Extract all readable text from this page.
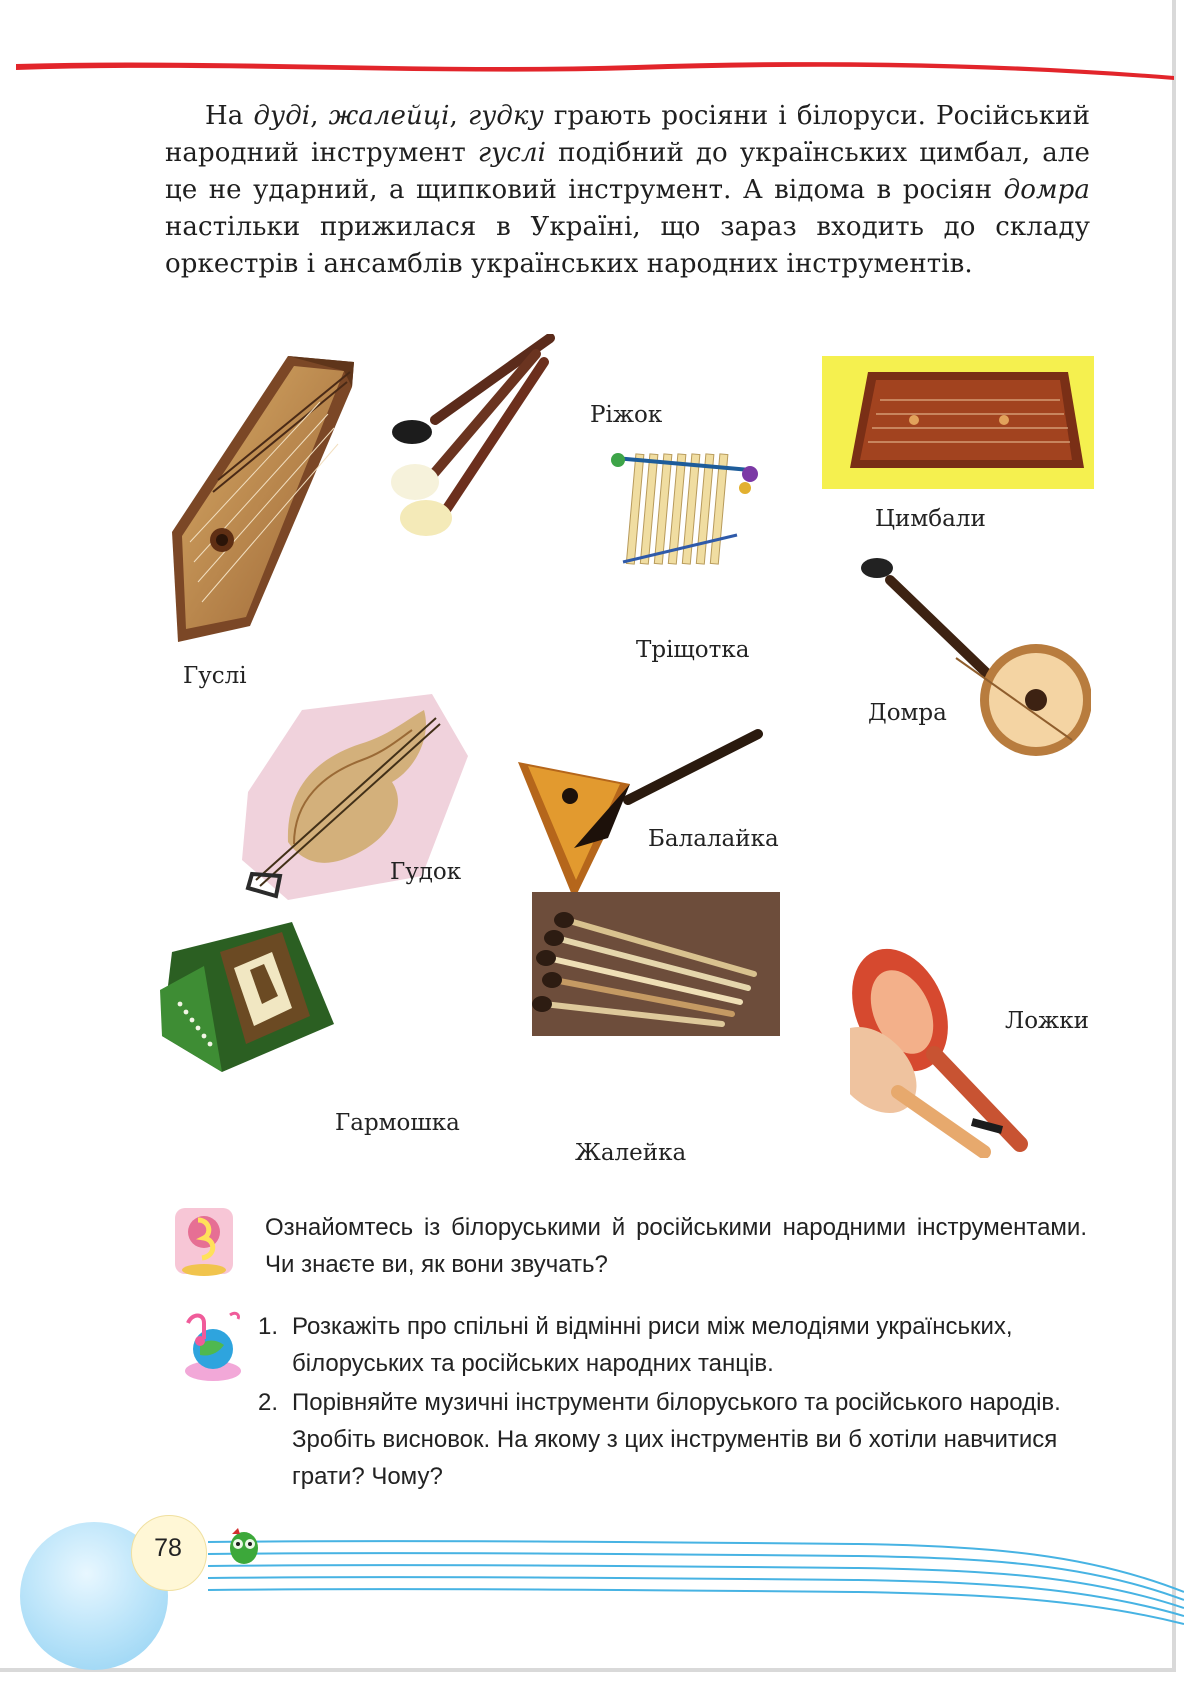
На дуді, жалейці, гудку грають росіяни і білоруси. Російський народний інструмент гуслі подібний до українських цимбал, але це не ударний, а щипковий інструмент. А відома в росіян домра настільки прижилася в Україні, що зараз входить до складу оркестрів і ансамблів українських народних інструментів.
Гуслі
Ріжок
Тріщотка
Цимбали
Домра
Гудок
Балалайка
Гармошка
Жалейка
Ложки
Ознайомтесь із білоруськими й російськими народними інструментами. Чи знаєте ви, як вони звучать?
1. Розкажіть про спільні й відмінні риси між мелодіями українських, білоруських та російських народних танців.
2. Порівняйте музичні інструменти білоруського та російського народів. Зробіть висновок. На якому з цих інструментів ви б хотіли навчитися грати? Чому?
78
